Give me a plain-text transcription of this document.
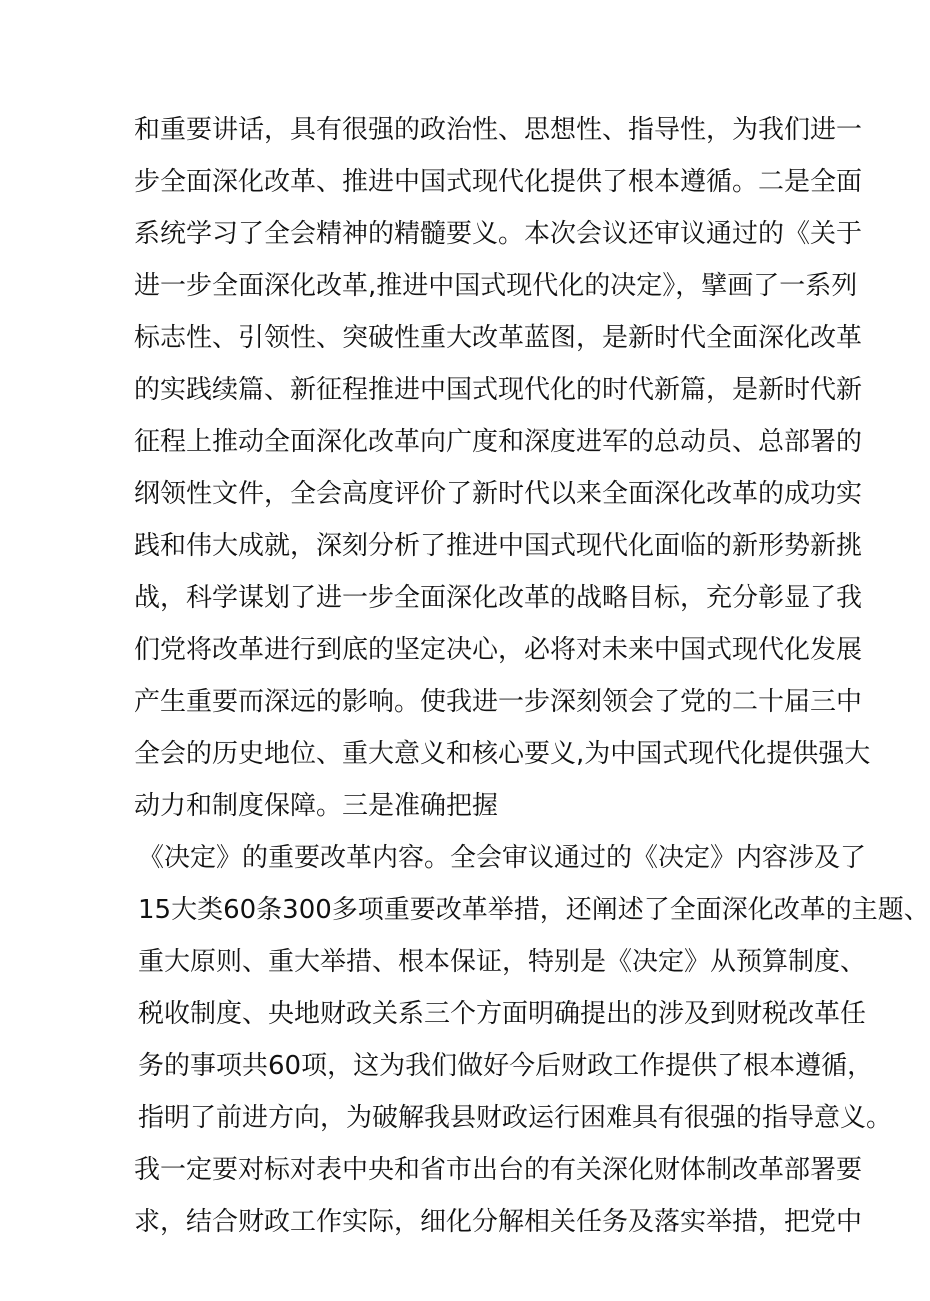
和重要讲话，具有很强的政治性、思想性、指导性，为我们进一
步全面深化改革、推进中国式现代化提供了根本遵循。二是全面
系统学习了全会精神的精髓要义。本次会议还审议通过的《关于
进一步全面深化改革,推进中国式现代化的决定》，擘画了一系列
标志性、引领性、突破性重大改革蓝图，是新时代全面深化改革
的实践续篇、新征程推进中国式现代化的时代新篇，是新时代新
征程上推动全面深化改革向广度和深度进军的总动员、总部署的
纲领性文件，全会高度评价了新时代以来全面深化改革的成功实
践和伟大成就，深刻分析了推进中国式现代化面临的新形势新挑
战，科学谋划了进一步全面深化改革的战略目标，充分彰显了我
们党将改革进行到底的坚定决心，必将对未来中国式现代化发展
产生重要而深远的影响。使我进一步深刻领会了党的二十届三中
全会的历史地位、重大意义和核心要义,为中国式现代化提供强大
动力和制度保障。三是准确把握
《决定》的重要改革内容。全会审议通过的《决定》内容涉及了
15大类60条300多项重要改革举措，还阐述了全面深化改革的主题、
重大原则、重大举措、根本保证，特别是《决定》从预算制度、
税收制度、央地财政关系三个方面明确提出的涉及到财税改革任
务的事项共60项，这为我们做好今后财政工作提供了根本遵循，
指明了前进方向，为破解我县财政运行困难具有很强的指导意义。
我一定要对标对表中央和省市出台的有关深化财体制改革部署要
求，结合财政工作实际，细化分解相关任务及落实举措，把党中
